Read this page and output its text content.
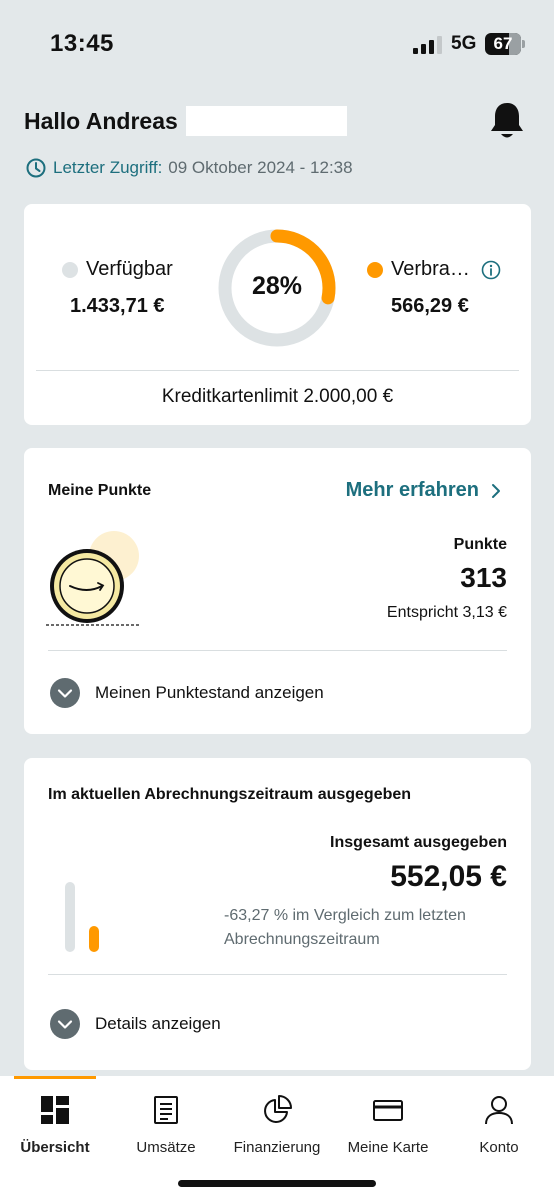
13:45	5G	67
Hallo Andreas
Letzter Zugriff: 09 Oktober 2024 - 12:38
Verfügbar
1.433,71 €
28%
Verbra…
566,29 €
Kreditkartenlimit 2.000,00 €
Meine Punkte	Mehr erfahren
Punkte
313
Entspricht 3,13 €
Meinen Punktestand anzeigen
Im aktuellen Abrechnungszeitraum ausgegeben
Insgesamt ausgegeben
552,05 €
-63,27 % im Vergleich zum letzten Abrechnungszeitraum
Details anzeigen
Übersicht	Umsätze	Finanzierung	Meine Karte	Konto
